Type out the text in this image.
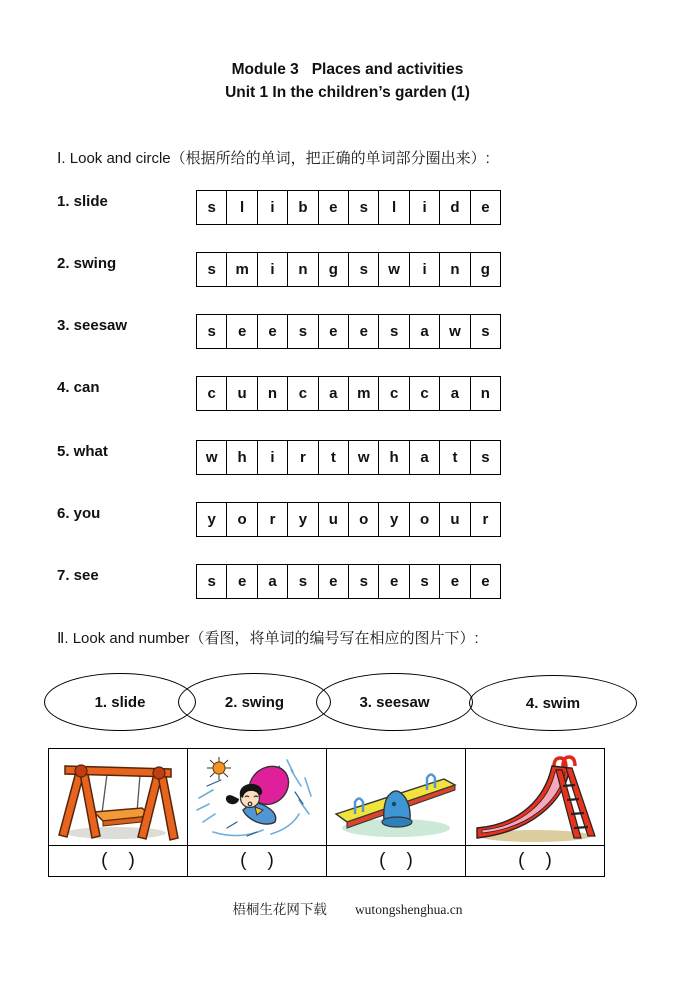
Module 3   Places and activities
Unit 1 In the children’s garden (1)
Ⅰ. Look and circle（根据所给的单词，把正确的单词部分圈出来）:
1. slide	s	l	i	b	e	s	l	i	d	e
2. swing	s	m	i	n	g	s	w	i	n	g
3. seesaw	s	e	e	s	e	e	s	a	w	s
4. can	c	u	n	c	a	m	c	c	a	n
5. what	w	h	i	r	t	w	h	a	t	s
6. you	y	o	r	y	u	o	y	o	u	r
7. see	s	e	a	s	e	s	e	s	e	e
Ⅱ. Look and number（看图，将单词的编号写在相应的图片下）:
1. slide	2. swing	3. seesaw	4. swim

(    )	(    )	(    )	(    )
梧桐生花网下载 wutongshenghua.cn
